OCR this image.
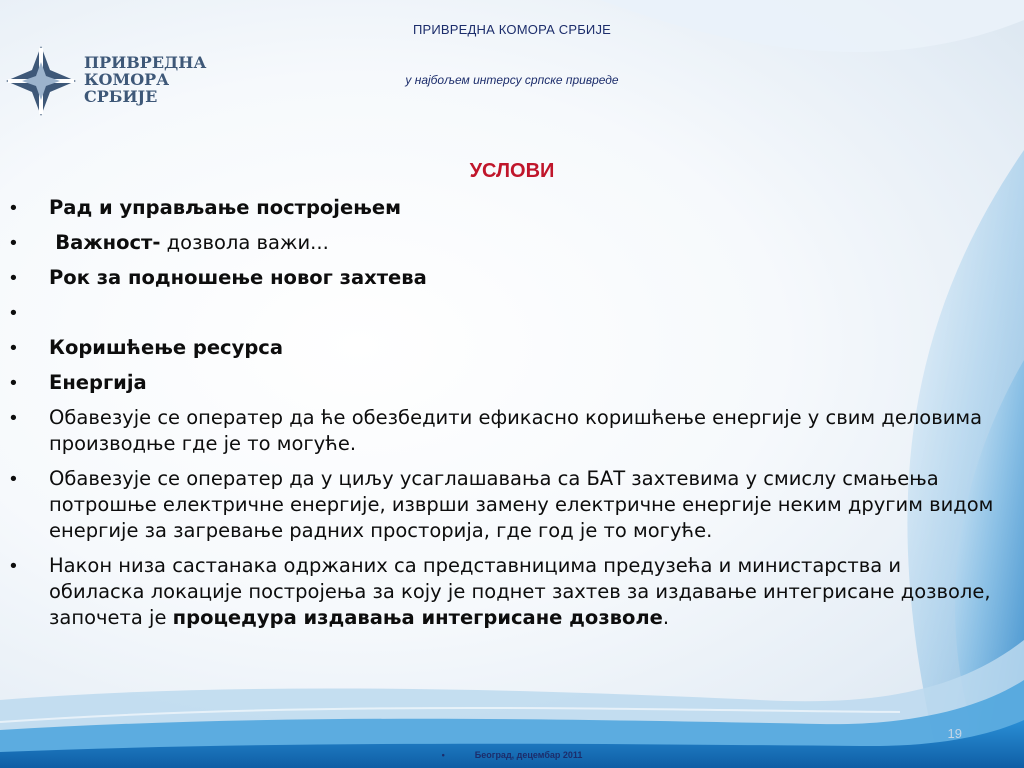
ПРИВРЕДНА КОМОРА СРБИЈЕ
у најбољем интерсу српске привреде
ПРИВРЕДНА
КОМОРА
СРБИЈЕ
УСЛОВИ
• Рад и управљање постројењем
• Важност- дозвола важи...
• Рок за подношење новог захтева
•
• Коришћење ресурса
• Енергија
• Обавезује се оператер да ће обезбедити ефикасно коришћење енергије у свим деловима производње где је то могуће.
• Обавезује се оператер да у циљу усаглашавања са БАТ захтевима у смислу смањења потрошње електричне енергије, изврши замену електричне енергије неким другим видом енергије за загревање радних просторија, где год је то могуће.
• Након низа састанака одржаних са представницима предузећа и министарства и обиласка локације постројења за коју је поднет захтев за издавање интегрисане дозволе, започета је процедура издавања интегрисане дозволе.
19
•	Београд, децембар 2011
